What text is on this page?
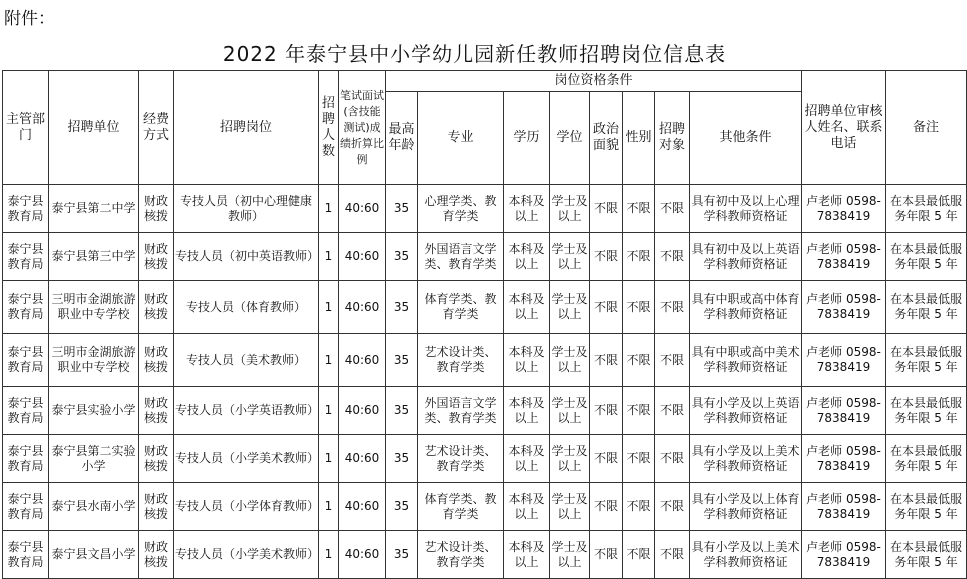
附件：
2022 年泰宁县中小学幼儿园新任教师招聘岗位信息表
主管部门	招聘单位	经费方式	招聘岗位	招聘人数	笔试面试(含技能测试)成绩折算比例	岗位资格条件								招聘单位审核人姓名、联系电话	备注
						最高年龄	专业	学历	学位	政治面貌	性别	招聘对象	其他条件		
泰宁县教育局	泰宁县第二中学	财政核拨	专技人员（初中心理健康教师）	1	40:60	35	心理学类、教育学类	本科及以上	学士及以上	不限	不限	不限	具有初中及以上心理学科教师资格证	卢老师 0598-7838419	在本县最低服务年限 5 年
泰宁县教育局	泰宁县第三中学	财政核拨	专技人员（初中英语教师）	1	40:60	35	外国语言文学类、教育学类	本科及以上	学士及以上	不限	不限	不限	具有初中及以上英语学科教师资格证	卢老师 0598-7838419	在本县最低服务年限 5 年
泰宁县教育局	三明市金湖旅游职业中专学校	财政核拨	专技人员（体育教师）	1	40:60	35	体育学类、教育学类	本科及以上	学士及以上	不限	不限	不限	具有中职或高中体育学科教师资格证	卢老师 0598-7838419	在本县最低服务年限 5 年
泰宁县教育局	三明市金湖旅游职业中专学校	财政核拨	专技人员（美术教师）	1	40:60	35	艺术设计类、教育学类	本科及以上	学士及以上	不限	不限	不限	具有中职或高中美术学科教师资格证	卢老师 0598-7838419	在本县最低服务年限 5 年
泰宁县教育局	泰宁县实验小学	财政核拨	专技人员（小学英语教师）	1	40:60	35	外国语言文学类、教育学类	本科及以上	学士及以上	不限	不限	不限	具有小学及以上英语学科教师资格证	卢老师 0598-7838419	在本县最低服务年限 5 年
泰宁县教育局	泰宁县第二实验小学	财政核拨	专技人员（小学美术教师）	1	40:60	35	艺术设计类、教育学类	本科及以上	学士及以上	不限	不限	不限	具有小学及以上美术学科教师资格证	卢老师 0598-7838419	在本县最低服务年限 5 年
泰宁县教育局	泰宁县水南小学	财政核拨	专技人员（小学体育教师）	1	40:60	35	体育学类、教育学类	本科及以上	学士及以上	不限	不限	不限	具有小学及以上体育学科教师资格证	卢老师 0598-7838419	在本县最低服务年限 5 年
泰宁县教育局	泰宁县文昌小学	财政核拨	专技人员（小学美术教师）	1	40:60	35	艺术设计类、教育学类	本科及以上	学士及以上	不限	不限	不限	具有小学及以上美术学科教师资格证	卢老师 0598-7838419	在本县最低服务年限 5 年
